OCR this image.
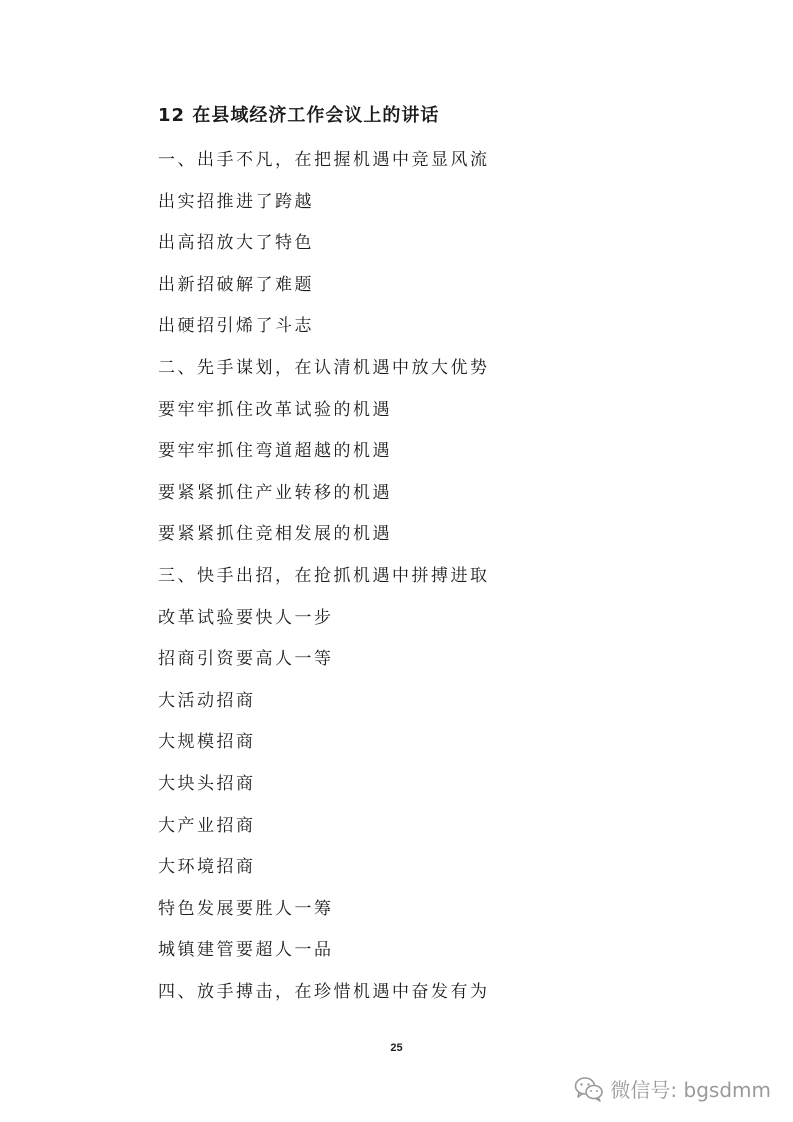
12 在县域经济工作会议上的讲话
一、出手不凡，在把握机遇中竞显风流
出实招推进了跨越
出高招放大了特色
出新招破解了难题
出硬招引烯了斗志
二、先手谋划，在认清机遇中放大优势
要牢牢抓住改革试验的机遇
要牢牢抓住弯道超越的机遇
要紧紧抓住产业转移的机遇
要紧紧抓住竞相发展的机遇
三、快手出招，在抢抓机遇中拼搏进取
改革试验要快人一步
招商引资要高人一等
大活动招商
大规模招商
大块头招商
大产业招商
大环境招商
特色发展要胜人一筹
城镇建管要超人一品
四、放手搏击，在珍惜机遇中奋发有为
25
微信号: bgsdmm
